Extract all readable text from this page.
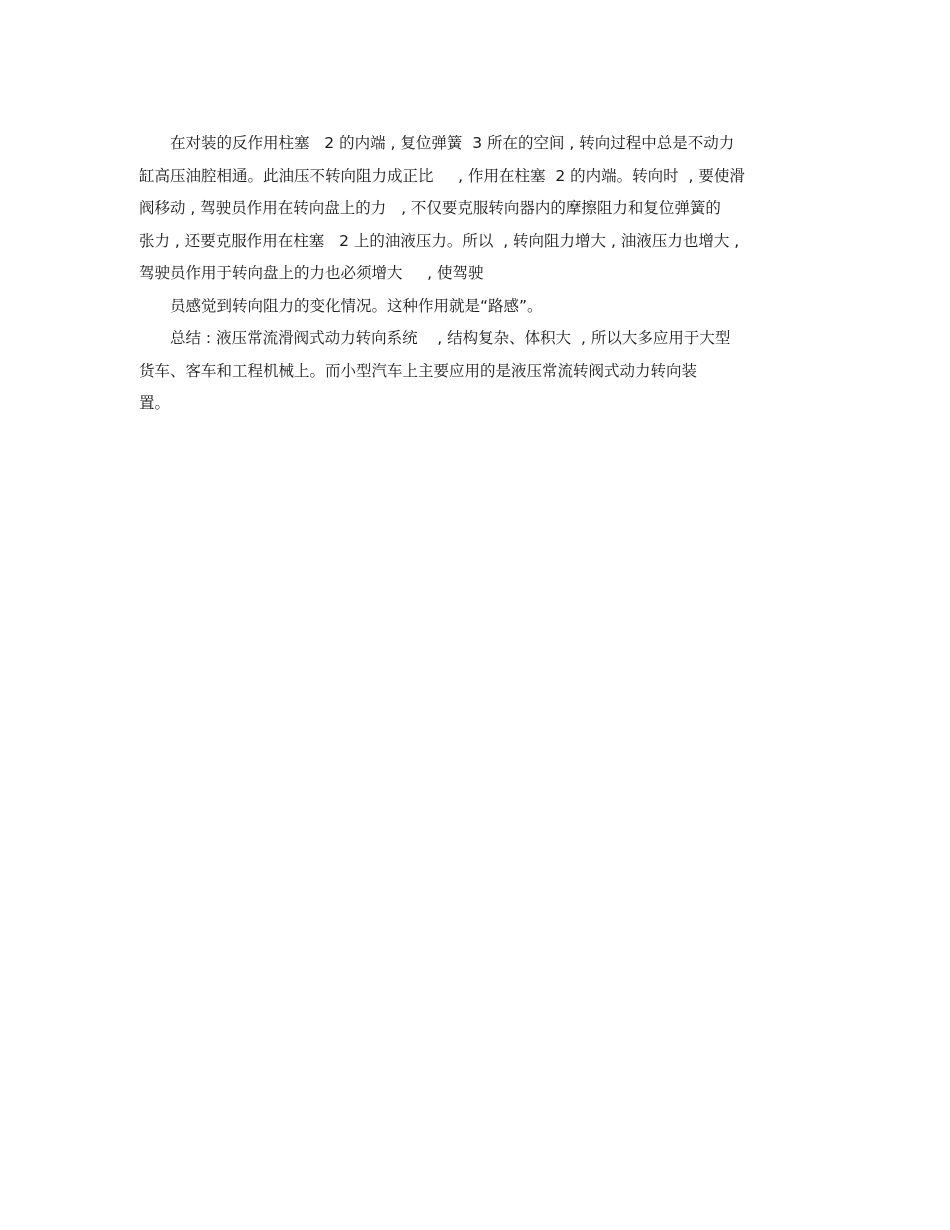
在对装的反作用柱塞   2 的内端 , 复位弹簧  3 所在的空间 , 转向过程中总是不动力
缸高压油腔相通。此油压不转向阻力成正比     , 作用在柱塞  2 的内端。转向时  , 要使滑
阀移动 , 驾驶员作用在转向盘上的力   , 不仅要克服转向器内的摩擦阻力和复位弹簧的
张力 , 还要克服作用在柱塞   2 上的油液压力。所以  , 转向阻力增大 , 油液压力也增大 ,
驾驶员作用于转向盘上的力也必须增大     , 使驾驶
员感觉到转向阻力的变化情况。这种作用就是“路感”。
总结 : 液压常流滑阀式动力转向系统    , 结构复杂、体积大  , 所以大多应用于大型
货车、客车和工程机械上。而小型汽车上主要应用的是液压常流转阀式动力转向装
置。
